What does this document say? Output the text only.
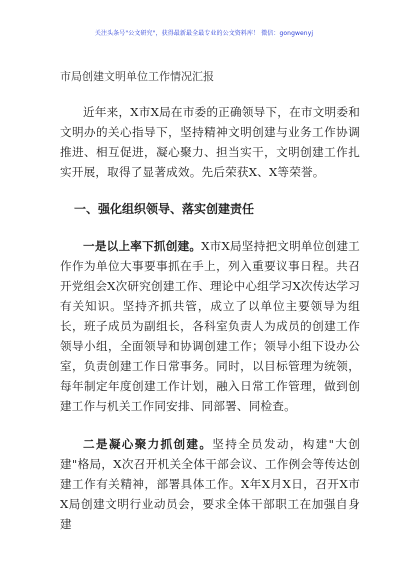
关注头条号"公文研究"，获得最新最全最专业的公文资料库！ 微信：gongwenyj
市局创建文明单位工作情况汇报

近年来，X市X局在市委的正确领导下，在市文明委和文明办的关心指导下，坚持精神文明创建与业务工作协调推进、相互促进，凝心聚力、担当实干，文明创建工作扎实开展，取得了显著成效。先后荣获X、X等荣誉。

一、强化组织领导、落实创建责任

一是以上率下抓创建。X市X局坚持把文明单位创建工作作为单位大事要事抓在手上，列入重要议事日程。共召开党组会X次研究创建工作、理论中心组学习X次传达学习有关知识。坚持齐抓共管，成立了以单位主要领导为组长，班子成员为副组长，各科室负责人为成员的创建工作领导小组，全面领导和协调创建工作；领导小组下设办公室，负责创建工作日常事务。同时，以目标管理为统领，每年制定年度创建工作计划，融入日常工作管理，做到创建工作与机关工作同安排、同部署、同检查。

二是凝心聚力抓创建。坚持全员发动，构建"大创建"格局，X次召开机关全体干部会议、工作例会等传达创建工作有关精神，部署具体工作。X年X月X日，召开X市X局创建文明行业动员会，要求全体干部职工在加强自身建
